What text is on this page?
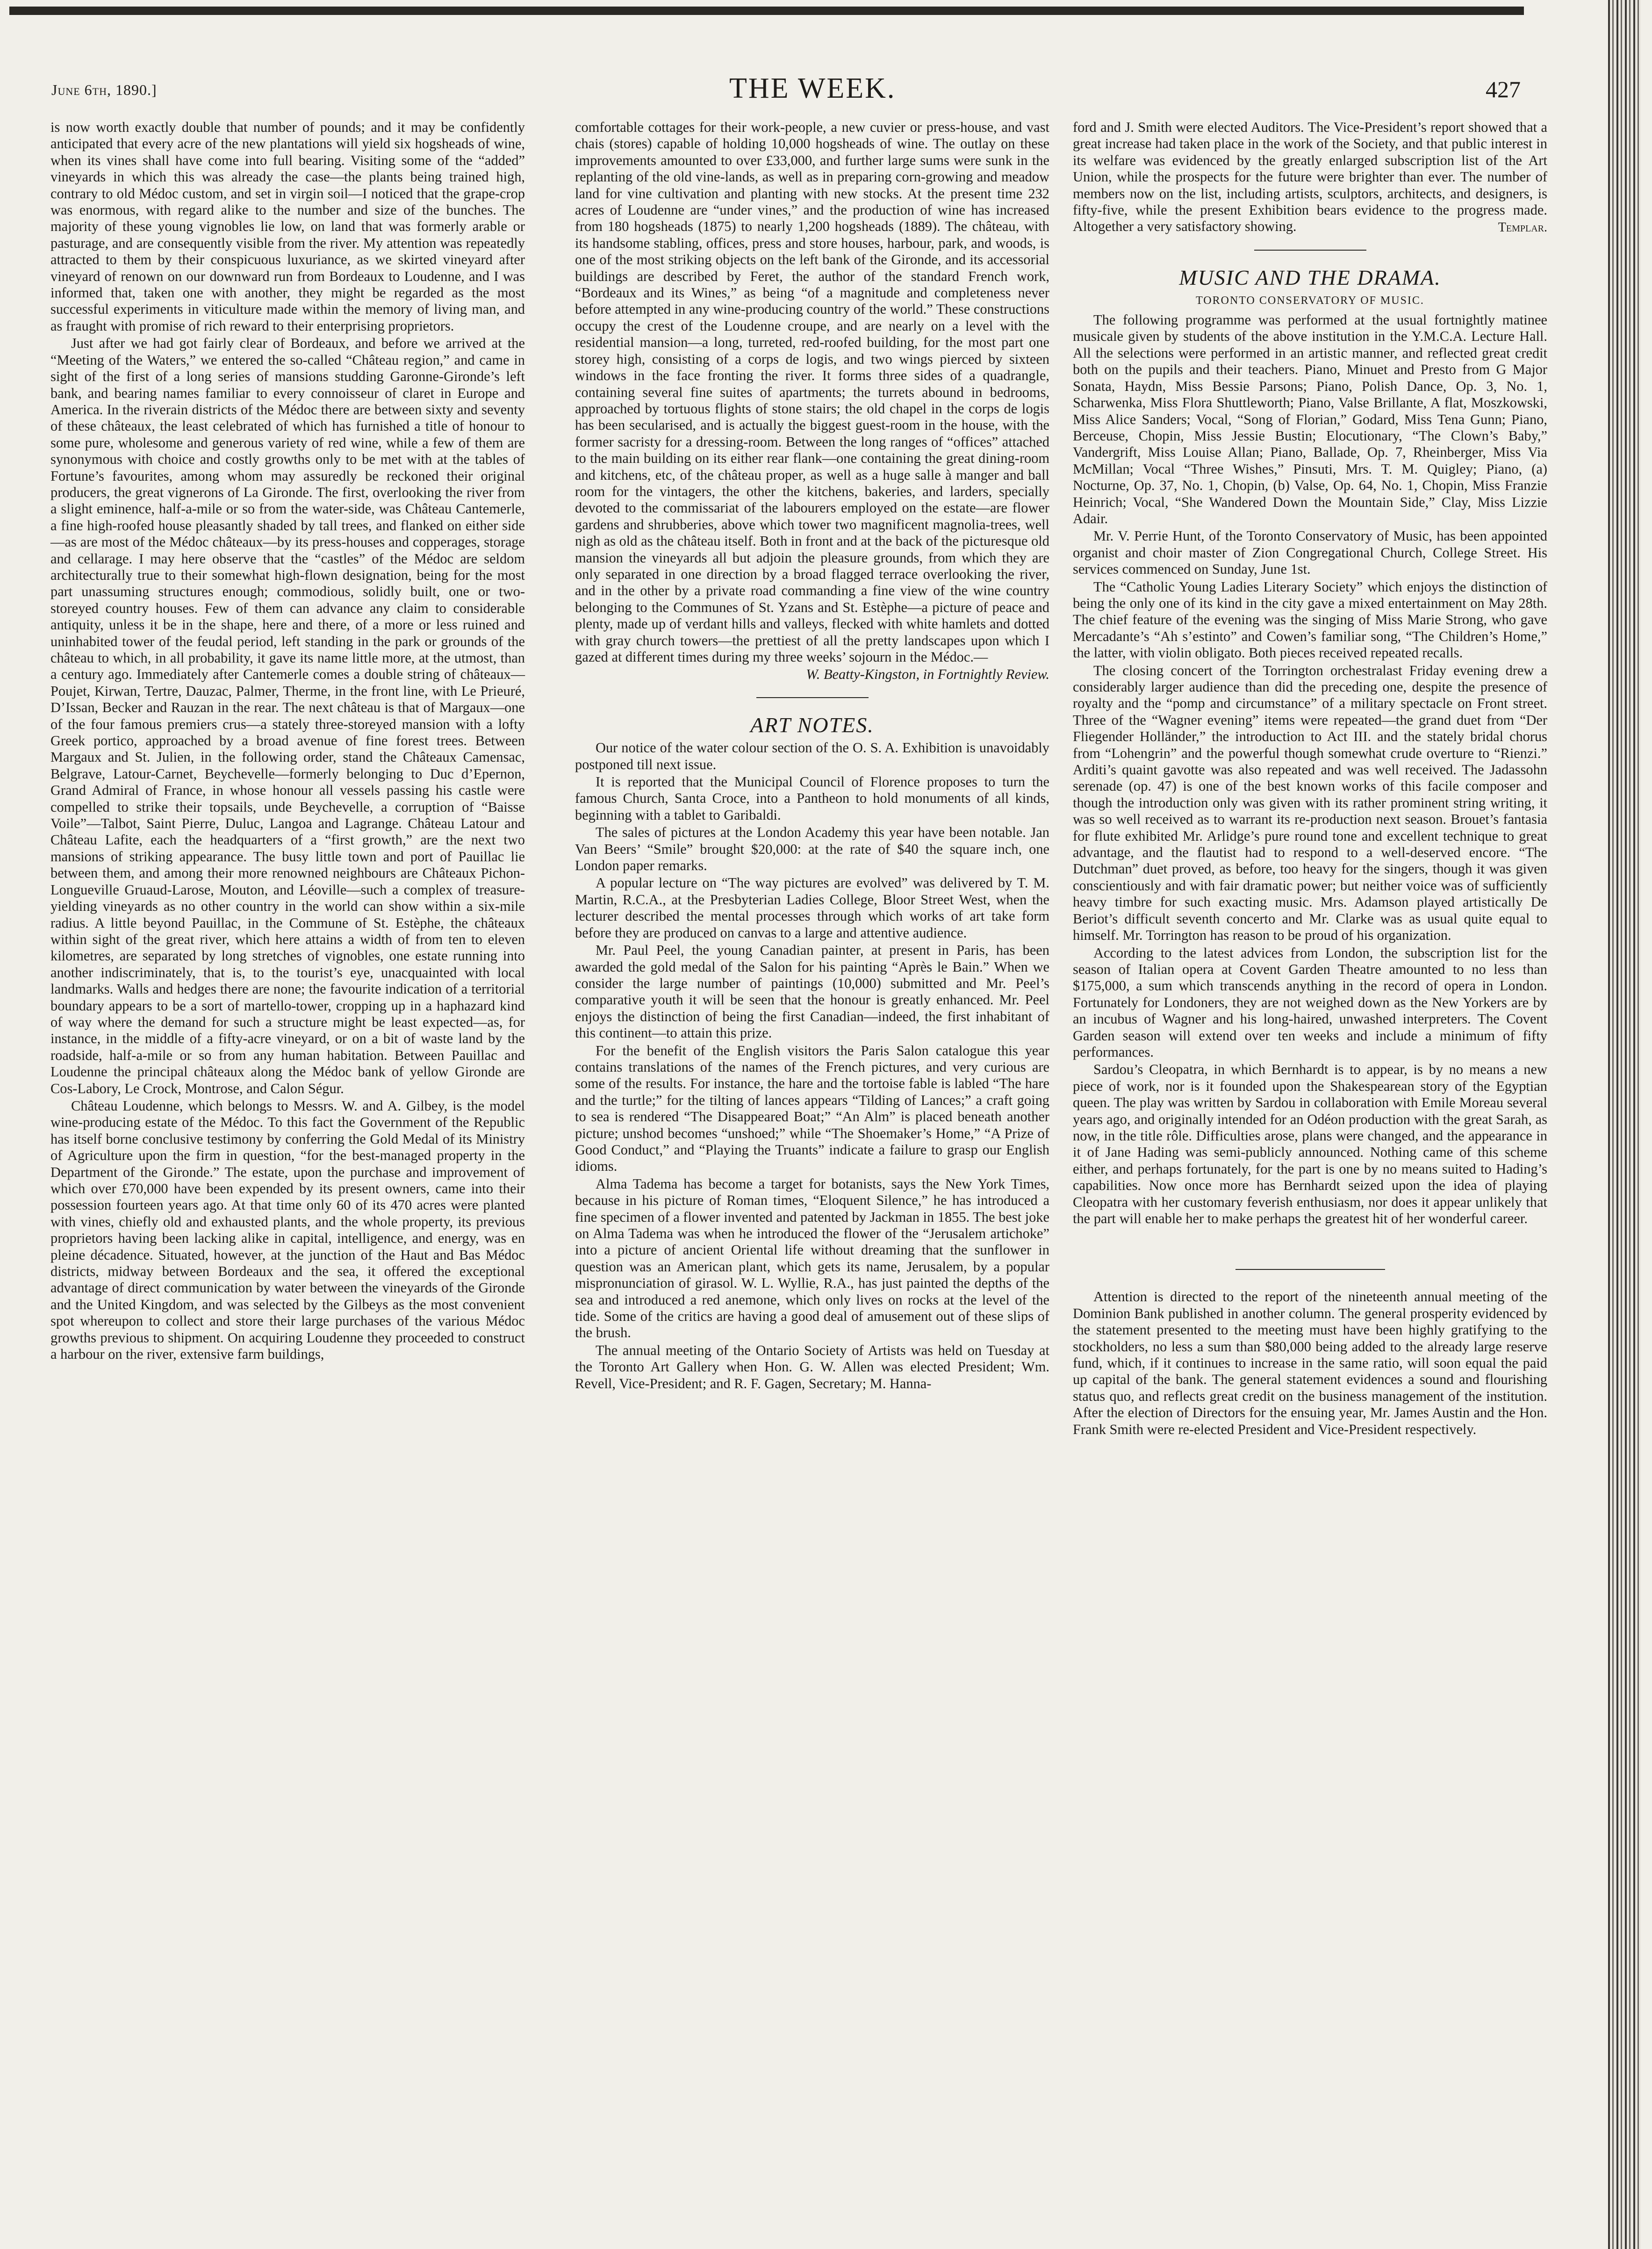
June 6th, 1890.]	THE WEEK.	427

is now worth exactly double that number of pounds; and it may be confidently anticipated that every acre of the new plantations will yield six hogsheads of wine, when its vines shall have come into full bearing. Visiting some of the “added” vineyards in which this was already the case—the plants being trained high, contrary to old Médoc custom, and set in virgin soil—I noticed that the grape-crop was enormous, with regard alike to the number and size of the bunches. The majority of these young vignobles lie low, on land that was formerly arable or pasturage, and are consequently visible from the river. My attention was repeatedly attracted to them by their conspicuous luxuriance, as we skirted vineyard after vineyard of renown on our downward run from Bordeaux to Loudenne, and I was informed that, taken one with another, they might be regarded as the most successful experiments in viticulture made within the memory of living man, and as fraught with promise of rich reward to their enterprising proprietors.

Just after we had got fairly clear of Bordeaux, and before we arrived at the “Meeting of the Waters,” we entered the so-called “Château region,” and came in sight of the first of a long series of mansions studding Garonne-Gironde’s left bank, and bearing names familiar to every connoisseur of claret in Europe and America. In the riverain districts of the Médoc there are between sixty and seventy of these châteaux, the least celebrated of which has furnished a title of honour to some pure, wholesome and generous variety of red wine, while a few of them are synonymous with choice and costly growths only to be met with at the tables of Fortune’s favourites, among whom may assuredly be reckoned their original producers, the great vignerons of La Gironde. The first, overlooking the river from a slight eminence, half-a-mile or so from the water-side, was Château Cantemerle, a fine high-roofed house pleasantly shaded by tall trees, and flanked on either side—as are most of the Médoc châteaux—by its press-houses and copperages, storage and cellarage. I may here observe that the “castles” of the Médoc are seldom architecturally true to their somewhat high-flown designation, being for the most part unassuming structures enough; commodious, solidly built, one or two-storeyed country houses. Few of them can advance any claim to considerable antiquity, unless it be in the shape, here and there, of a more or less ruined and uninhabited tower of the feudal period, left standing in the park or grounds of the château to which, in all probability, it gave its name little more, at the utmost, than a century ago. Immediately after Cantemerle comes a double string of châteaux—Poujet, Kirwan, Tertre, Dauzac, Palmer, Therme, in the front line, with Le Prieuré, D’Issan, Becker and Rauzan in the rear. The next château is that of Margaux—one of the four famous premiers crus—a stately three-storeyed mansion with a lofty Greek portico, approached by a broad avenue of fine forest trees. Between Margaux and St. Julien, in the following order, stand the Châteaux Camensac, Belgrave, Latour-Carnet, Beychevelle—formerly belonging to Duc d’Epernon, Grand Admiral of France, in whose honour all vessels passing his castle were compelled to strike their topsails, unde Beychevelle, a corruption of “Baisse Voile”—Talbot, Saint Pierre, Duluc, Langoa and Lagrange. Château Latour and Château Lafite, each the headquarters of a “first growth,” are the next two mansions of striking appearance. The busy little town and port of Pauillac lie between them, and among their more renowned neighbours are Châteaux Pichon-Longueville Gruaud-Larose, Mouton, and Léoville—such a complex of treasure-yielding vineyards as no other country in the world can show within a six-mile radius. A little beyond Pauillac, in the Commune of St. Estèphe, the châteaux within sight of the great river, which here attains a width of from ten to eleven kilometres, are separated by long stretches of vignobles, one estate running into another indiscriminately, that is, to the tourist’s eye, unacquainted with local landmarks. Walls and hedges there are none; the favourite indication of a territorial boundary appears to be a sort of martello-tower, cropping up in a haphazard kind of way where the demand for such a structure might be least expected—as, for instance, in the middle of a fifty-acre vineyard, or on a bit of waste land by the roadside, half-a-mile or so from any human habitation. Between Pauillac and Loudenne the principal châteaux along the Médoc bank of yellow Gironde are Cos-Labory, Le Crock, Montrose, and Calon Ségur.

Château Loudenne, which belongs to Messrs. W. and A. Gilbey, is the model wine-producing estate of the Médoc. To this fact the Government of the Republic has itself borne conclusive testimony by conferring the Gold Medal of its Ministry of Agriculture upon the firm in question, “for the best-managed property in the Department of the Gironde.” The estate, upon the purchase and improvement of which over £70,000 have been expended by its present owners, came into their possession fourteen years ago. At that time only 60 of its 470 acres were planted with vines, chiefly old and exhausted plants, and the whole property, its previous proprietors having been lacking alike in capital, intelligence, and energy, was en pleine décadence. Situated, however, at the junction of the Haut and Bas Médoc districts, midway between Bordeaux and the sea, it offered the exceptional advantage of direct communication by water between the vineyards of the Gironde and the United Kingdom, and was selected by the Gilbeys as the most convenient spot whereupon to collect and store their large purchases of the various Médoc growths previous to shipment. On acquiring Loudenne they proceeded to construct a harbour on the river, extensive farm buildings,

comfortable cottages for their work-people, a new cuvier or press-house, and vast chais (stores) capable of holding 10,000 hogsheads of wine. The outlay on these improvements amounted to over £33,000, and further large sums were sunk in the replanting of the old vine-lands, as well as in preparing corn-growing and meadow land for vine cultivation and planting with new stocks. At the present time 232 acres of Loudenne are “under vines,” and the production of wine has increased from 180 hogsheads (1875) to nearly 1,200 hogsheads (1889). The château, with its handsome stabling, offices, press and store houses, harbour, park, and woods, is one of the most striking objects on the left bank of the Gironde, and its accessorial buildings are described by Feret, the author of the standard French work, “Bordeaux and its Wines,” as being “of a magnitude and completeness never before attempted in any wine-producing country of the world.” These constructions occupy the crest of the Loudenne croupe, and are nearly on a level with the residential mansion—a long, turreted, red-roofed building, for the most part one storey high, consisting of a corps de logis, and two wings pierced by sixteen windows in the face fronting the river. It forms three sides of a quadrangle, containing several fine suites of apartments; the turrets abound in bedrooms, approached by tortuous flights of stone stairs; the old chapel in the corps de logis has been secularised, and is actually the biggest guest-room in the house, with the former sacristy for a dressing-room. Between the long ranges of “offices” attached to the main building on its either rear flank—one containing the great dining-room and kitchens, etc, of the château proper, as well as a huge salle à manger and ball room for the vintagers, the other the kitchens, bakeries, and larders, specially devoted to the commissariat of the labourers employed on the estate—are flower gardens and shrubberies, above which tower two magnificent magnolia-trees, well nigh as old as the château itself. Both in front and at the back of the picturesque old mansion the vineyards all but adjoin the pleasure grounds, from which they are only separated in one direction by a broad flagged terrace overlooking the river, and in the other by a private road commanding a fine view of the wine country belonging to the Communes of St. Yzans and St. Estèphe—a picture of peace and plenty, made up of verdant hills and valleys, flecked with white hamlets and dotted with gray church towers—the prettiest of all the pretty landscapes upon which I gazed at different times during my three weeks’ sojourn in the Médoc.—

W. Beatty-Kingston, in Fortnightly Review.

ART NOTES.

Our notice of the water colour section of the O. S. A. Exhibition is unavoidably postponed till next issue.

It is reported that the Municipal Council of Florence proposes to turn the famous Church, Santa Croce, into a Pantheon to hold monuments of all kinds, beginning with a tablet to Garibaldi.

The sales of pictures at the London Academy this year have been notable. Jan Van Beers’ “Smile” brought $20,000: at the rate of $40 the square inch, one London paper remarks.

A popular lecture on “The way pictures are evolved” was delivered by T. M. Martin, R.C.A., at the Presbyterian Ladies College, Bloor Street West, when the lecturer described the mental processes through which works of art take form before they are produced on canvas to a large and attentive audience.

Mr. Paul Peel, the young Canadian painter, at present in Paris, has been awarded the gold medal of the Salon for his painting “Après le Bain.” When we consider the large number of paintings (10,000) submitted and Mr. Peel’s comparative youth it will be seen that the honour is greatly enhanced. Mr. Peel enjoys the distinction of being the first Canadian—indeed, the first inhabitant of this continent—to attain this prize.

For the benefit of the English visitors the Paris Salon catalogue this year contains translations of the names of the French pictures, and very curious are some of the results. For instance, the hare and the tortoise fable is labled “The hare and the turtle;” for the tilting of lances appears “Tilding of Lances;” a craft going to sea is rendered “The Disappeared Boat;” “An Alm” is placed beneath another picture; unshod becomes “unshoed;” while “The Shoemaker’s Home,” “A Prize of Good Conduct,” and “Playing the Truants” indicate a failure to grasp our English idioms.

Alma Tadema has become a target for botanists, says the New York Times, because in his picture of Roman times, “Eloquent Silence,” he has introduced a fine specimen of a flower invented and patented by Jackman in 1855. The best joke on Alma Tadema was when he introduced the flower of the “Jerusalem artichoke” into a picture of ancient Oriental life without dreaming that the sunflower in question was an American plant, which gets its name, Jerusalem, by a popular mispronunciation of girasol. W. L. Wyllie, R.A., has just painted the depths of the sea and introduced a red anemone, which only lives on rocks at the level of the tide. Some of the critics are having a good deal of amusement out of these slips of the brush.

The annual meeting of the Ontario Society of Artists was held on Tuesday at the Toronto Art Gallery when Hon. G. W. Allen was elected President; Wm. Revell, Vice-President; and R. F. Gagen, Secretary; M. Hanna-

ford and J. Smith were elected Auditors. The Vice-President’s report showed that a great increase had taken place in the work of the Society, and that public interest in its welfare was evidenced by the greatly enlarged subscription list of the Art Union, while the prospects for the future were brighter than ever. The number of members now on the list, including artists, sculptors, architects, and designers, is fifty-five, while the present Exhibition bears evidence to the progress made. Altogether a very satisfactory showing.	Templar.
MUSIC AND THE DRAMA.
TORONTO CONSERVATORY OF MUSIC.

The following programme was performed at the usual fortnightly matinee musicale given by students of the above institution in the Y.M.C.A. Lecture Hall. All the selections were performed in an artistic manner, and reflected great credit both on the pupils and their teachers. Piano, Minuet and Presto from G Major Sonata, Haydn, Miss Bessie Parsons; Piano, Polish Dance, Op. 3, No. 1, Scharwenka, Miss Flora Shuttleworth; Piano, Valse Brillante, A flat, Moszkowski, Miss Alice Sanders; Vocal, “Song of Florian,” Godard, Miss Tena Gunn; Piano, Berceuse, Chopin, Miss Jessie Bustin; Elocutionary, “The Clown’s Baby,” Vandergrift, Miss Louise Allan; Piano, Ballade, Op. 7, Rheinberger, Miss Via McMillan; Vocal “Three Wishes,” Pinsuti, Mrs. T. M. Quigley; Piano, (a) Nocturne, Op. 37, No. 1, Chopin, (b) Valse, Op. 64, No. 1, Chopin, Miss Franzie Heinrich; Vocal, “She Wandered Down the Mountain Side,” Clay, Miss Lizzie Adair.

Mr. V. Perrie Hunt, of the Toronto Conservatory of Music, has been appointed organist and choir master of Zion Congregational Church, College Street. His services commenced on Sunday, June 1st.

The “Catholic Young Ladies Literary Society” which enjoys the distinction of being the only one of its kind in the city gave a mixed entertainment on May 28th. The chief feature of the evening was the singing of Miss Marie Strong, who gave Mercadante’s “Ah s’estinto” and Cowen’s familiar song, “The Children’s Home,” the latter, with violin obligato. Both pieces received repeated recalls.

The closing concert of the Torrington orchestralast Friday evening drew a considerably larger audience than did the preceding one, despite the presence of royalty and the “pomp and circumstance” of a military spectacle on Front street. Three of the “Wagner evening” items were repeated—the grand duet from “Der Fliegender Holländer,” the introduction to Act III. and the stately bridal chorus from “Lohengrin” and the powerful though somewhat crude overture to “Rienzi.” Arditi’s quaint gavotte was also repeated and was well received. The Jadassohn serenade (op. 47) is one of the best known works of this facile composer and though the introduction only was given with its rather prominent string writing, it was so well received as to warrant its re-production next season. Brouet’s fantasia for flute exhibited Mr. Arlidge’s pure round tone and excellent technique to great advantage, and the flautist had to respond to a well-deserved encore. “The Dutchman” duet proved, as before, too heavy for the singers, though it was given conscientiously and with fair dramatic power; but neither voice was of sufficiently heavy timbre for such exacting music. Mrs. Adamson played artistically De Beriot’s difficult seventh concerto and Mr. Clarke was as usual quite equal to himself. Mr. Torrington has reason to be proud of his organization.

According to the latest advices from London, the subscription list for the season of Italian opera at Covent Garden Theatre amounted to no less than $175,000, a sum which transcends anything in the record of opera in London. Fortunately for Londoners, they are not weighed down as the New Yorkers are by an incubus of Wagner and his long-haired, unwashed interpreters. The Covent Garden season will extend over ten weeks and include a minimum of fifty performances.

Sardou’s Cleopatra, in which Bernhardt is to appear, is by no means a new piece of work, nor is it founded upon the Shakespearean story of the Egyptian queen. The play was written by Sardou in collaboration with Emile Moreau several years ago, and originally intended for an Odéon production with the great Sarah, as now, in the title rôle. Difficulties arose, plans were changed, and the appearance in it of Jane Hading was semi-publicly announced. Nothing came of this scheme either, and perhaps fortunately, for the part is one by no means suited to Hading’s capabilities. Now once more has Bernhardt seized upon the idea of playing Cleopatra with her customary feverish enthusiasm, nor does it appear unlikely that the part will enable her to make perhaps the greatest hit of her wonderful career.

Attention is directed to the report of the nineteenth annual meeting of the Dominion Bank published in another column. The general prosperity evidenced by the statement presented to the meeting must have been highly gratifying to the stockholders, no less a sum than $80,000 being added to the already large reserve fund, which, if it continues to increase in the same ratio, will soon equal the paid up capital of the bank. The general statement evidences a sound and flourishing status quo, and reflects great credit on the business management of the institution. After the election of Directors for the ensuing year, Mr. James Austin and the Hon. Frank Smith were re-elected President and Vice-President respectively.
